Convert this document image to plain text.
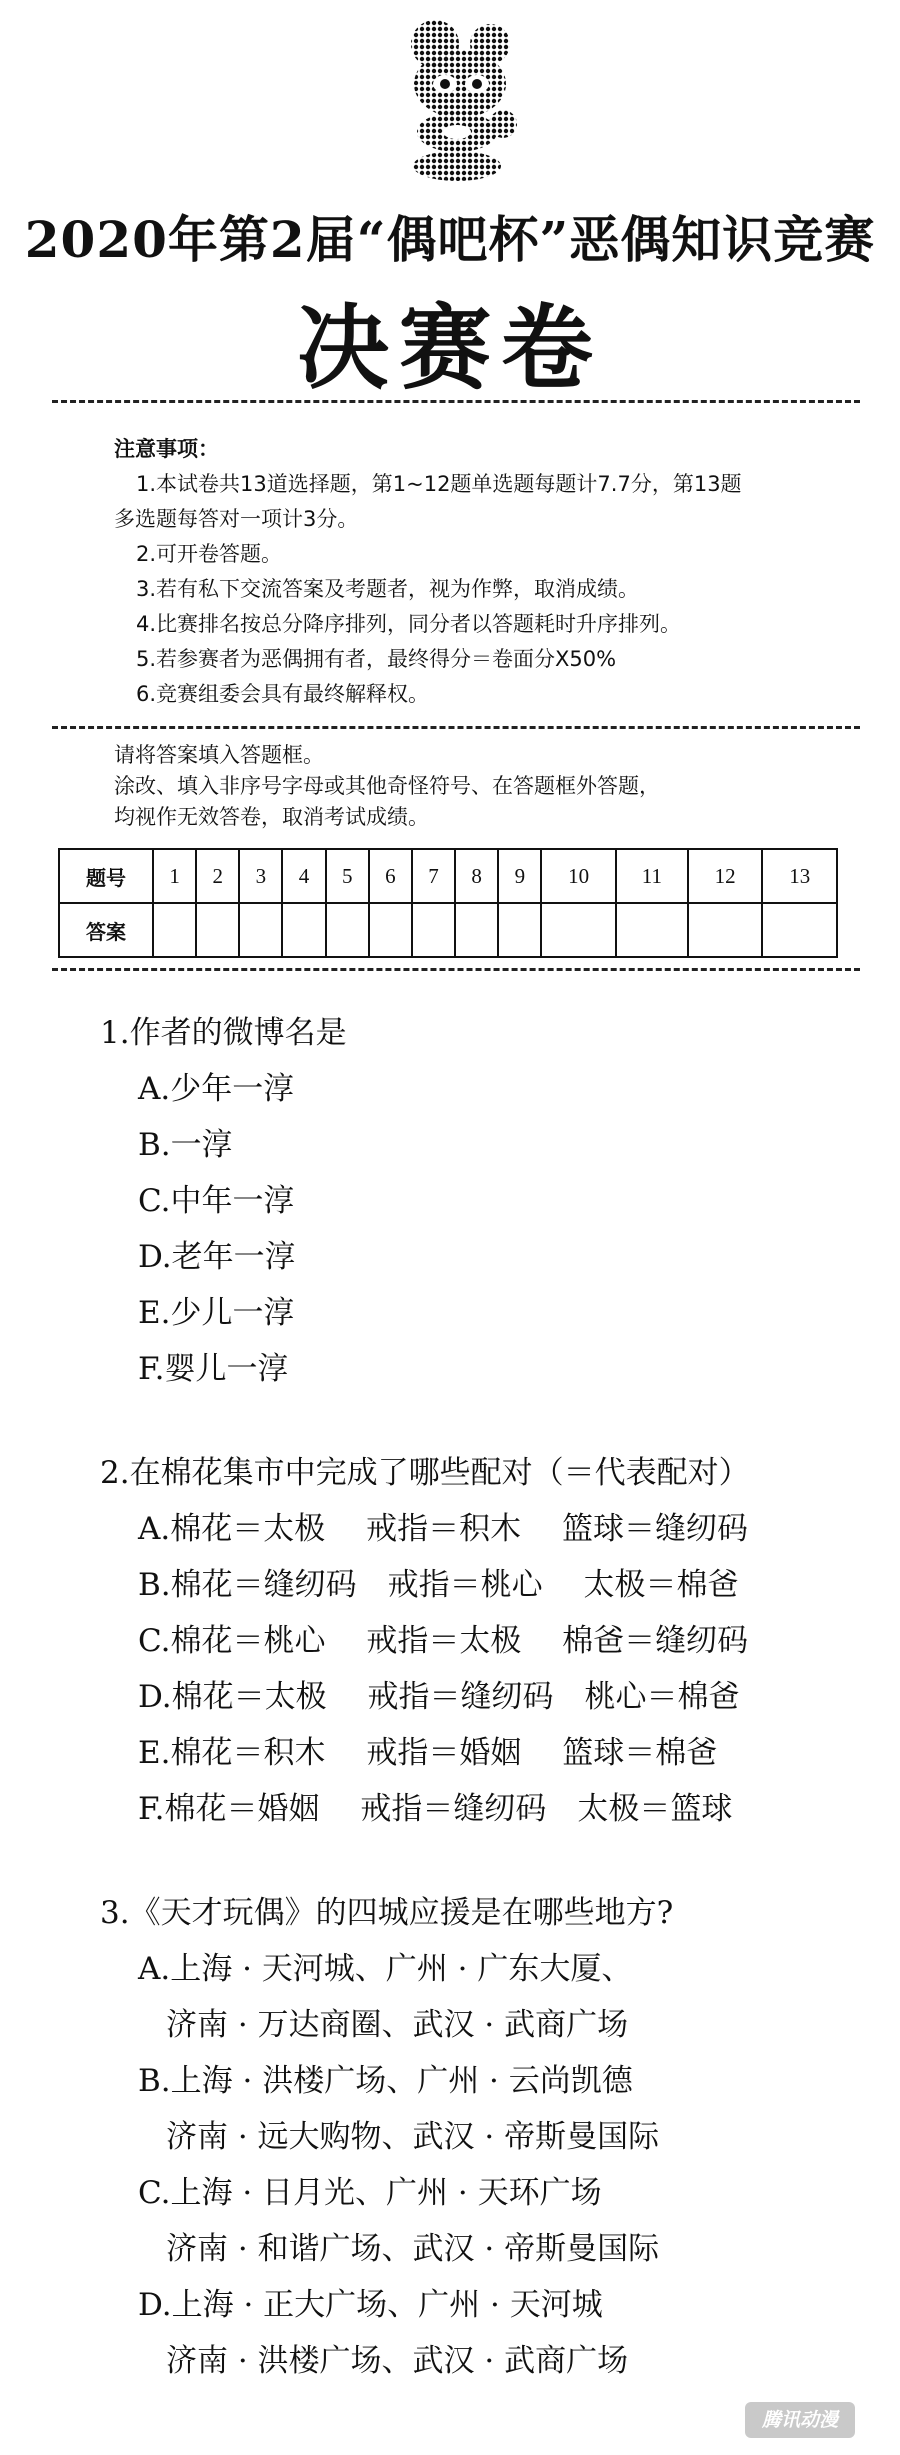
2020年第2届“偶吧杯”恶偶知识竞赛
决赛卷
注意事项：
1.本试卷共13道选择题，第1~12题单选题每题计7.7分，第13题
多选题每答对一项计3分。
2.可开卷答题。
3.若有私下交流答案及考题者，视为作弊，取消成绩。
4.比赛排名按总分降序排列，同分者以答题耗时升序排列。
5.若参赛者为恶偶拥有者，最终得分＝卷面分X50%
6.竞赛组委会具有最终解释权。
请将答案填入答题框。
涂改、填入非序号字母或其他奇怪符号、在答题框外答题，
均视作无效答卷，取消考试成绩。
题号	1	2	3	4	5	6	7	8	9	10	11	12	13
答案													
1.作者的微博名是
A.少年一淳
B.一淳
C.中年一淳
D.老年一淳
E.少儿一淳
F.婴儿一淳
2.在棉花集市中完成了哪些配对（＝代表配对）
A.棉花＝太极　 戒指＝积木　 篮球＝缝纫码
B.棉花＝缝纫码　戒指＝桃心　 太极＝棉爸
C.棉花＝桃心　 戒指＝太极　 棉爸＝缝纫码
D.棉花＝太极　 戒指＝缝纫码　桃心＝棉爸
E.棉花＝积木　 戒指＝婚姻　 篮球＝棉爸
F.棉花＝婚姻　 戒指＝缝纫码　太极＝篮球
3.《天才玩偶》的四城应援是在哪些地方?
A.上海 · 天河城、广州 · 广东大厦、
济南 · 万达商圈、武汉 · 武商广场
B.上海 · 洪楼广场、广州 · 云尚凯德
济南 · 远大购物、武汉 · 帝斯曼国际
C.上海 · 日月光、广州 · 天环广场
济南 · 和谐广场、武汉 · 帝斯曼国际
D.上海 · 正大广场、广州 · 天河城
济南 · 洪楼广场、武汉 · 武商广场
腾讯动漫
